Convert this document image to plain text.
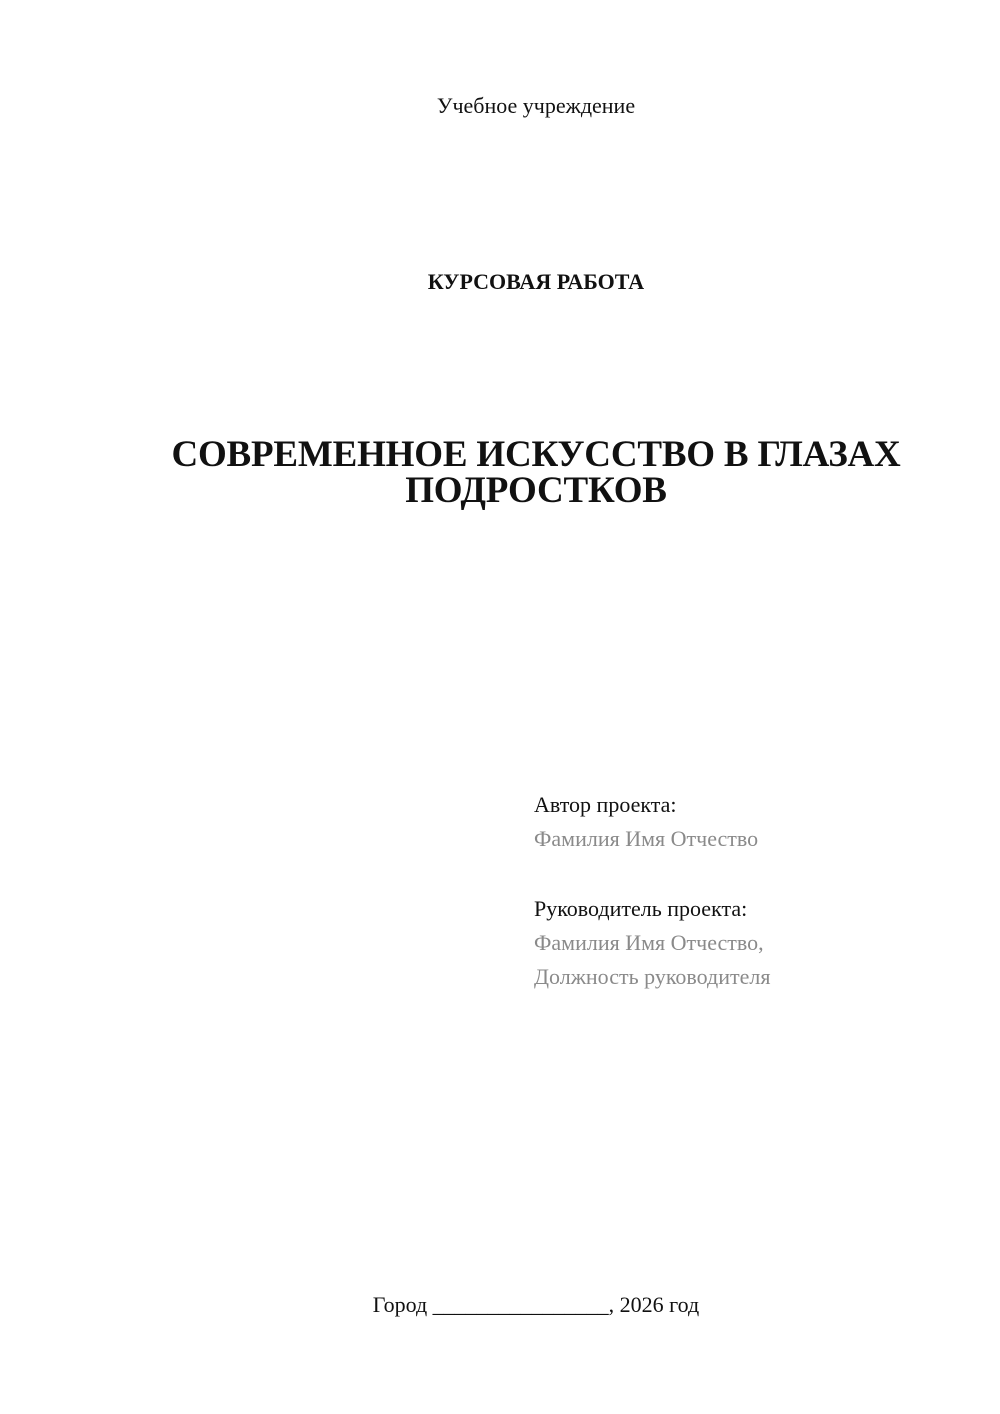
Учебное учреждение
КУРСОВАЯ РАБОТА
СОВРЕМЕННОЕ ИСКУССТВО В ГЛАЗАХ
ПОДРОСТКОВ
Автор проекта:
Фамилия Имя Отчество
Руководитель проекта:
Фамилия Имя Отчество,
Должность руководителя
Город ________________, 2026 год
